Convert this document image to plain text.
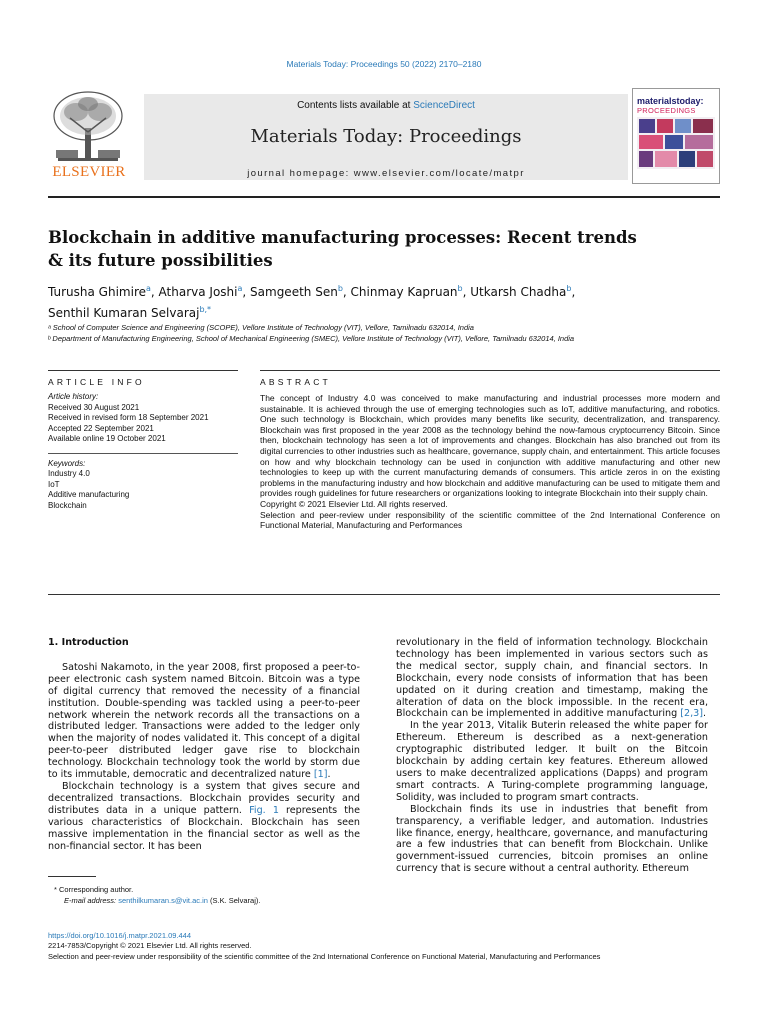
Materials Today: Proceedings 50 (2022) 2170–2180
ELSEVIER
Contents lists available at ScienceDirect
Materials Today: Proceedings
journal homepage: www.elsevier.com/locate/matpr
materialstoday:
PROCEEDINGS
Blockchain in additive manufacturing processes: Recent trends & its future possibilities
Turusha Ghimire$^a$, Atharva Joshi$^a$, Samgeeth Sen$^b$, Chinmay Kapruan$^b$, Utkarsh Chadha$^b$,
Senthil Kumaran Selvaraj$^{b,*}$
ᵃ School of Computer Science and Engineering (SCOPE), Vellore Institute of Technology (VIT), Vellore, Tamilnadu 632014, India
ᵇ Department of Manufacturing Engineering, School of Mechanical Engineering (SMEC), Vellore Institute of Technology (VIT), Vellore, Tamilnadu 632014, India
ARTICLE INFO	ABSTRACT
Article history:
Received 30 August 2021
Received in revised form 18 September 2021
Accepted 22 September 2021
Available online 19 October 2021
Keywords:
Industry 4.0
IoT
Additive manufacturing
Blockchain
The concept of Industry 4.0 was conceived to make manufacturing and industrial processes more modern and sustainable. It is achieved through the use of emerging technologies such as IoT, additive manufacturing, and robotics. One such technology is Blockchain, which provides many benefits like security, decentralization, and transparency. Blockchain was first proposed in the year 2008 as the technology behind the now-famous cryptocurrency Bitcoin. Since then, blockchain technology has seen a lot of improvements and changes. Blockchain has also branched out from its digital currencies to other industries such as healthcare, governance, supply chain, and entertainment. This article focuses on how and why blockchain technology can be used in conjunction with additive manufacturing and other new technologies to keep up with the current manufacturing demands of consumers. This article zeros in on the existing problems in the manufacturing industry and how blockchain and additive manufacturing can be used to mitigate them and provides rough guidelines for future researchers or organizations looking to integrate Blockchain into their supply chain.
Copyright © 2021 Elsevier Ltd. All rights reserved.
Selection and peer-review under responsibility of the scientific committee of the 2nd International Conference on Functional Material, Manufacturing and Performances
1. Introduction

Satoshi Nakamoto, in the year 2008, first proposed a peer-to-peer electronic cash system named Bitcoin. Bitcoin was a type of digital currency that removed the necessity of a financial institution. Double-spending was tackled using a peer-to-peer network wherein the network records all the transactions on a distributed ledger. Transactions were added to the ledger only when the majority of nodes validated it. This concept of a digital peer-to-peer distributed ledger gave rise to blockchain technology. Blockchain technology took the world by storm due to its immutable, democratic and decentralized nature [1].

Blockchain technology is a system that gives secure and decentralized transactions. Blockchain provides security and distributes data in a unique pattern. Fig. 1 represents the various characteristics of Blockchain. Blockchain has seen massive implementation in the financial sector as well as the non-financial sector. It has been

revolutionary in the field of information technology. Blockchain technology has been implemented in various sectors such as the medical sector, supply chain, and financial sectors. In Blockchain, every node consists of information that has been updated on it during creation and timestamp, making the alteration of data on the block impossible. In the recent era, Blockchain can be implemented in additive manufacturing [2,3].

In the year 2013, Vitalik Buterin released the white paper for Ethereum. Ethereum is described as a next-generation cryptographic distributed ledger. It built on the Bitcoin blockchain by adding certain key features. Ethereum allowed users to make decentralized applications (Dapps) and program smart contracts. A Turing-complete programming language, Solidity, was included to program smart contracts.

Blockchain finds its use in industries that benefit from transparency, a verifiable ledger, and automation. Industries like finance, energy, healthcare, governance, and manufacturing are a few industries that can benefit from Blockchain. Unlike government-issued currencies, bitcoin promises an online currency that is secure without a central authority. Ethereum

* Corresponding author.
E-mail address: senthilkumaran.s@vit.ac.in (S.K. Selvaraj).
https://doi.org/10.1016/j.matpr.2021.09.444
2214-7853/Copyright © 2021 Elsevier Ltd. All rights reserved.
Selection and peer-review under responsibility of the scientific committee of the 2nd International Conference on Functional Material, Manufacturing and Performances
